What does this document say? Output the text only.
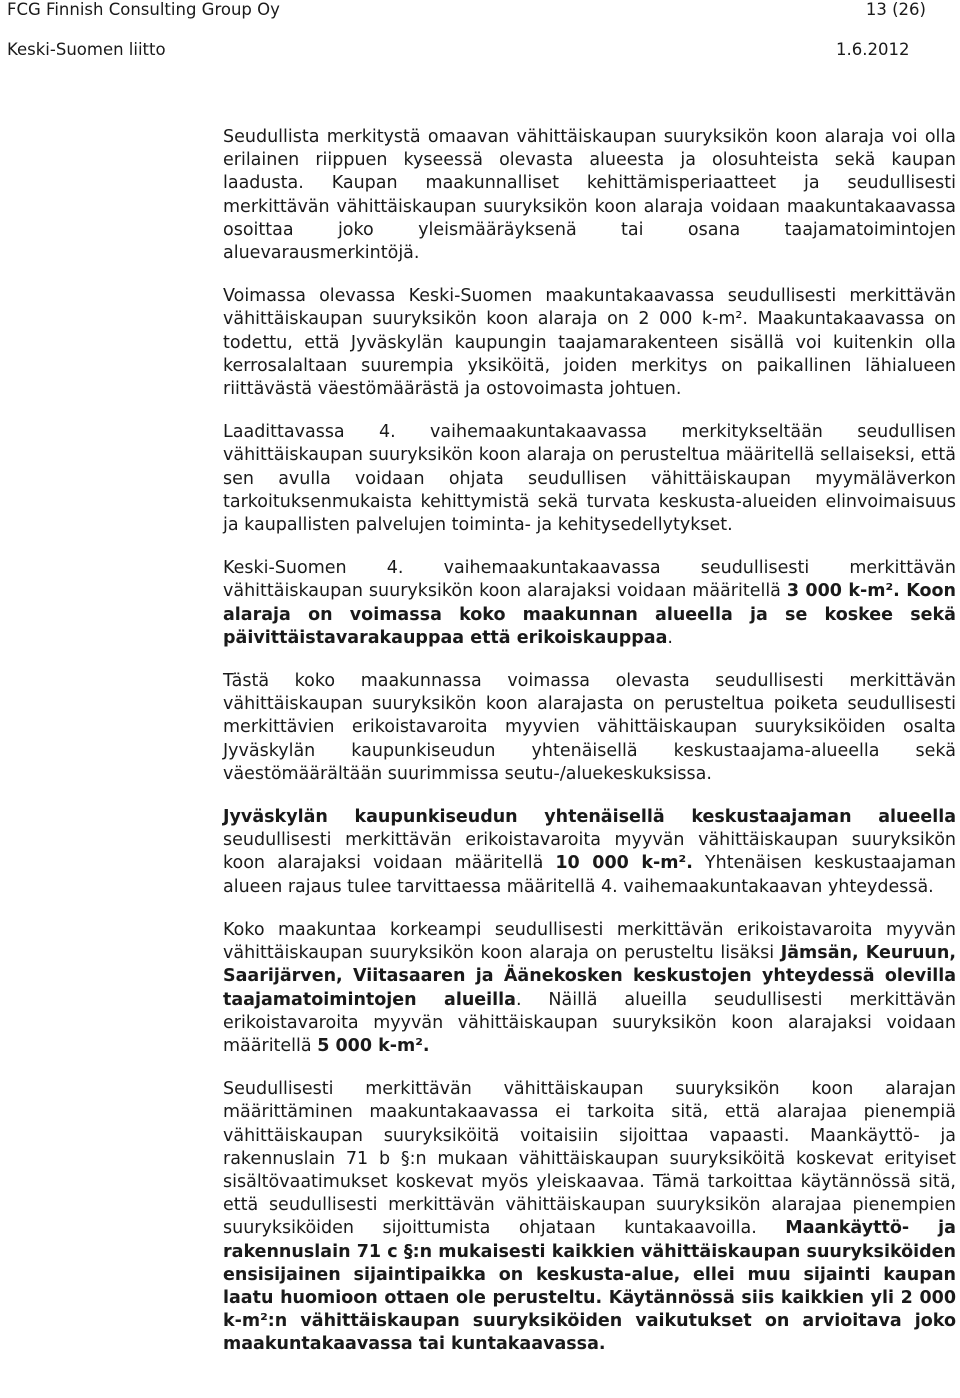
FCG Finnish Consulting Group Oy	13 (26)
Keski-Suomen liitto	1.6.2012

Seudullista merkitystä omaavan vähittäiskaupan suuryksikön koon alaraja voi olla erilainen riippuen kyseessä olevasta alueesta ja olosuhteista sekä kaupan laadusta. Kaupan maakunnalliset kehittämisperiaatteet ja seudullisesti merkittävän vähittäiskaupan suuryksikön koon alaraja voidaan maakuntakaavassa osoittaa joko yleismääräyksenä tai osana taajamatoimintojen aluevarausmerkintöjä.

Voimassa olevassa Keski-Suomen maakuntakaavassa seudullisesti merkittävän vähittäiskaupan suuryksikön koon alaraja on 2 000 k-m². Maakuntakaavassa on todettu, että Jyväskylän kaupungin taajamarakenteen sisällä voi kuitenkin olla kerrosalaltaan suurempia yksiköitä, joiden merkitys on paikallinen lähialueen riittävästä väestömäärästä ja ostovoimasta johtuen.

Laadittavassa 4. vaihemaakuntakaavassa merkitykseltään seudullisen vähittäiskaupan suuryksikön koon alaraja on perusteltua määritellä sellaiseksi, että sen avulla voidaan ohjata seudullisen vähittäiskaupan myymäläverkon tarkoituksenmukaista kehittymistä sekä turvata keskusta-alueiden elinvoimaisuus ja kaupallisten palvelujen toiminta- ja kehitysedellytykset.

Keski-Suomen 4. vaihemaakuntakaavassa seudullisesti merkittävän vähittäiskaupan suuryksikön koon alarajaksi voidaan määritellä 3 000 k-m². Koon alaraja on voimassa koko maakunnan alueella ja se koskee sekä päivittäistavarakauppaa että erikoiskauppaa.

Tästä koko maakunnassa voimassa olevasta seudullisesti merkittävän vähittäiskaupan suuryksikön koon alarajasta on perusteltua poiketa seudullisesti merkittävien erikoistavaroita myyvien vähittäiskaupan suuryksiköiden osalta Jyväskylän kaupunkiseudun yhtenäisellä keskustaajama-alueella sekä väestömäärältään suurimmissa seutu-/aluekeskuksissa.

Jyväskylän kaupunkiseudun yhtenäisellä keskustaajaman alueella seudullisesti merkittävän erikoistavaroita myyvän vähittäiskaupan suuryksikön koon alarajaksi voidaan määritellä 10 000 k-m². Yhtenäisen keskustaajaman alueen rajaus tulee tarvittaessa määritellä 4. vaihemaakuntakaavan yhteydessä.

Koko maakuntaa korkeampi seudullisesti merkittävän erikoistavaroita myyvän vähittäiskaupan suuryksikön koon alaraja on perusteltu lisäksi Jämsän, Keuruun, Saarijärven, Viitasaaren ja Äänekosken keskustojen yhteydessä olevilla taajamatoimintojen alueilla. Näillä alueilla seudullisesti merkittävän erikoistavaroita myyvän vähittäiskaupan suuryksikön koon alarajaksi voidaan määritellä 5 000 k-m².

Seudullisesti merkittävän vähittäiskaupan suuryksikön koon alarajan määrittäminen maakuntakaavassa ei tarkoita sitä, että alarajaa pienempiä vähittäiskaupan suuryksiköitä voitaisiin sijoittaa vapaasti. Maankäyttö- ja rakennuslain 71 b §:n mukaan vähittäiskaupan suuryksiköitä koskevat erityiset sisältövaatimukset koskevat myös yleiskaavaa. Tämä tarkoittaa käytännössä sitä, että seudullisesti merkittävän vähittäiskaupan suuryksikön alarajaa pienempien suuryksiköiden sijoittumista ohjataan kuntakaavoilla. Maankäyttö- ja rakennuslain 71 c §:n mukaisesti kaikkien vähittäiskaupan suuryksiköiden ensisijainen sijaintipaikka on keskusta-alue, ellei muu sijainti kaupan laatu huomioon ottaen ole perusteltu. Käytännössä siis kaikkien yli 2 000 k-m²:n vähittäiskaupan suuryksiköiden vaikutukset on arvioitava joko maakuntakaavassa tai kuntakaavassa.
